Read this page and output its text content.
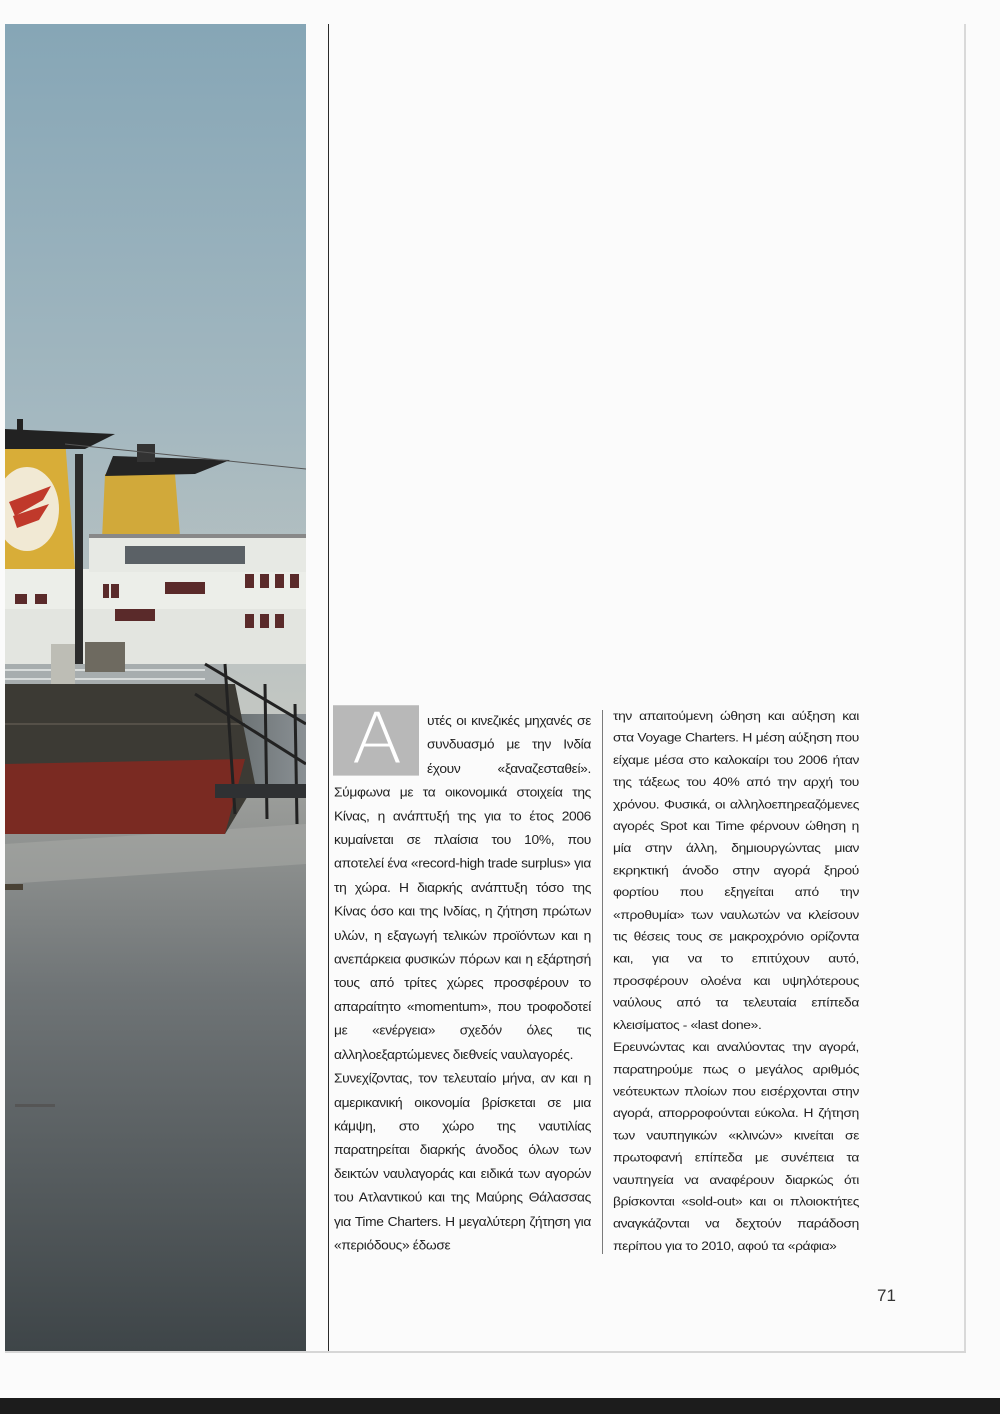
Α	υτές οι κινεζικές μηχανές σε συνδυασμό με την Ινδία έχουν «ξαναζεσταθεί». Σύμφωνα με τα οικονομικά στοιχεία της Κίνας, η ανάπτυξή της για το έτος 2006 κυμαίνεται σε πλαίσια του 10%, που αποτελεί ένα «record-high trade surplus» για τη χώρα. Η διαρκής ανάπτυξη τόσο της Κίνας όσο και της Ινδίας, η ζήτηση πρώτων υλών, η εξαγωγή τελικών προϊόντων και η ανεπάρκεια φυσικών πόρων και η εξάρτησή τους από τρίτες χώρες προσφέρουν το απαραίτητο «momentum», που τροφοδοτεί με «ενέργεια» σχεδόν όλες τις αλληλοεξαρτώμενες διεθνείς ναυλαγορές.

Συνεχίζοντας, τον τελευταίο μήνα, αν και η αμερικανική οικονομία βρίσκεται σε μια κάμψη, στο χώρο της ναυτιλίας παρατηρείται διαρκής άνοδος όλων των δεικτών ναυλαγοράς και ειδικά των αγορών του Ατλαντικού και της Μαύρης Θάλασσας για Time Charters. Η μεγαλύτερη ζήτηση για «περιόδους» έδωσε

την απαιτούμενη ώθηση και αύξηση και στα Voyage Charters. Η μέση αύξηση που είχαμε μέσα στο καλοκαίρι του 2006 ήταν της τάξεως του 40% από την αρχή του χρόνου. Φυσικά, οι αλληλοεπηρεαζόμενες αγορές Spot και Time φέρνουν ώθηση η μία στην άλλη, δημιουργώντας μιαν εκρηκτική άνοδο στην αγορά ξηρού φορτίου που εξηγείται από την «προθυμία» των ναυλωτών να κλείσουν τις θέσεις τους σε μακροχρόνιο ορίζοντα και, για να το επιτύχουν αυτό, προσφέρουν ολοένα και υψηλότερους ναύλους από τα τελευταία επίπεδα κλεισίματος - «last done».

Ερευνώντας και αναλύοντας την αγορά, παρατηρούμε πως ο μεγάλος αριθμός νεότευκτων πλοίων που εισέρχονται στην αγορά, απορροφούνται εύκολα. Η ζήτηση των ναυπηγικών «κλινών» κινείται σε πρωτοφανή επίπεδα με συνέπεια τα ναυπηγεία να αναφέρουν διαρκώς ότι βρίσκονται «sold-out» και οι πλοιοκτήτες αναγκάζονται να δεχτούν παράδοση περίπου για το 2010, αφού τα «ράφια»

71
